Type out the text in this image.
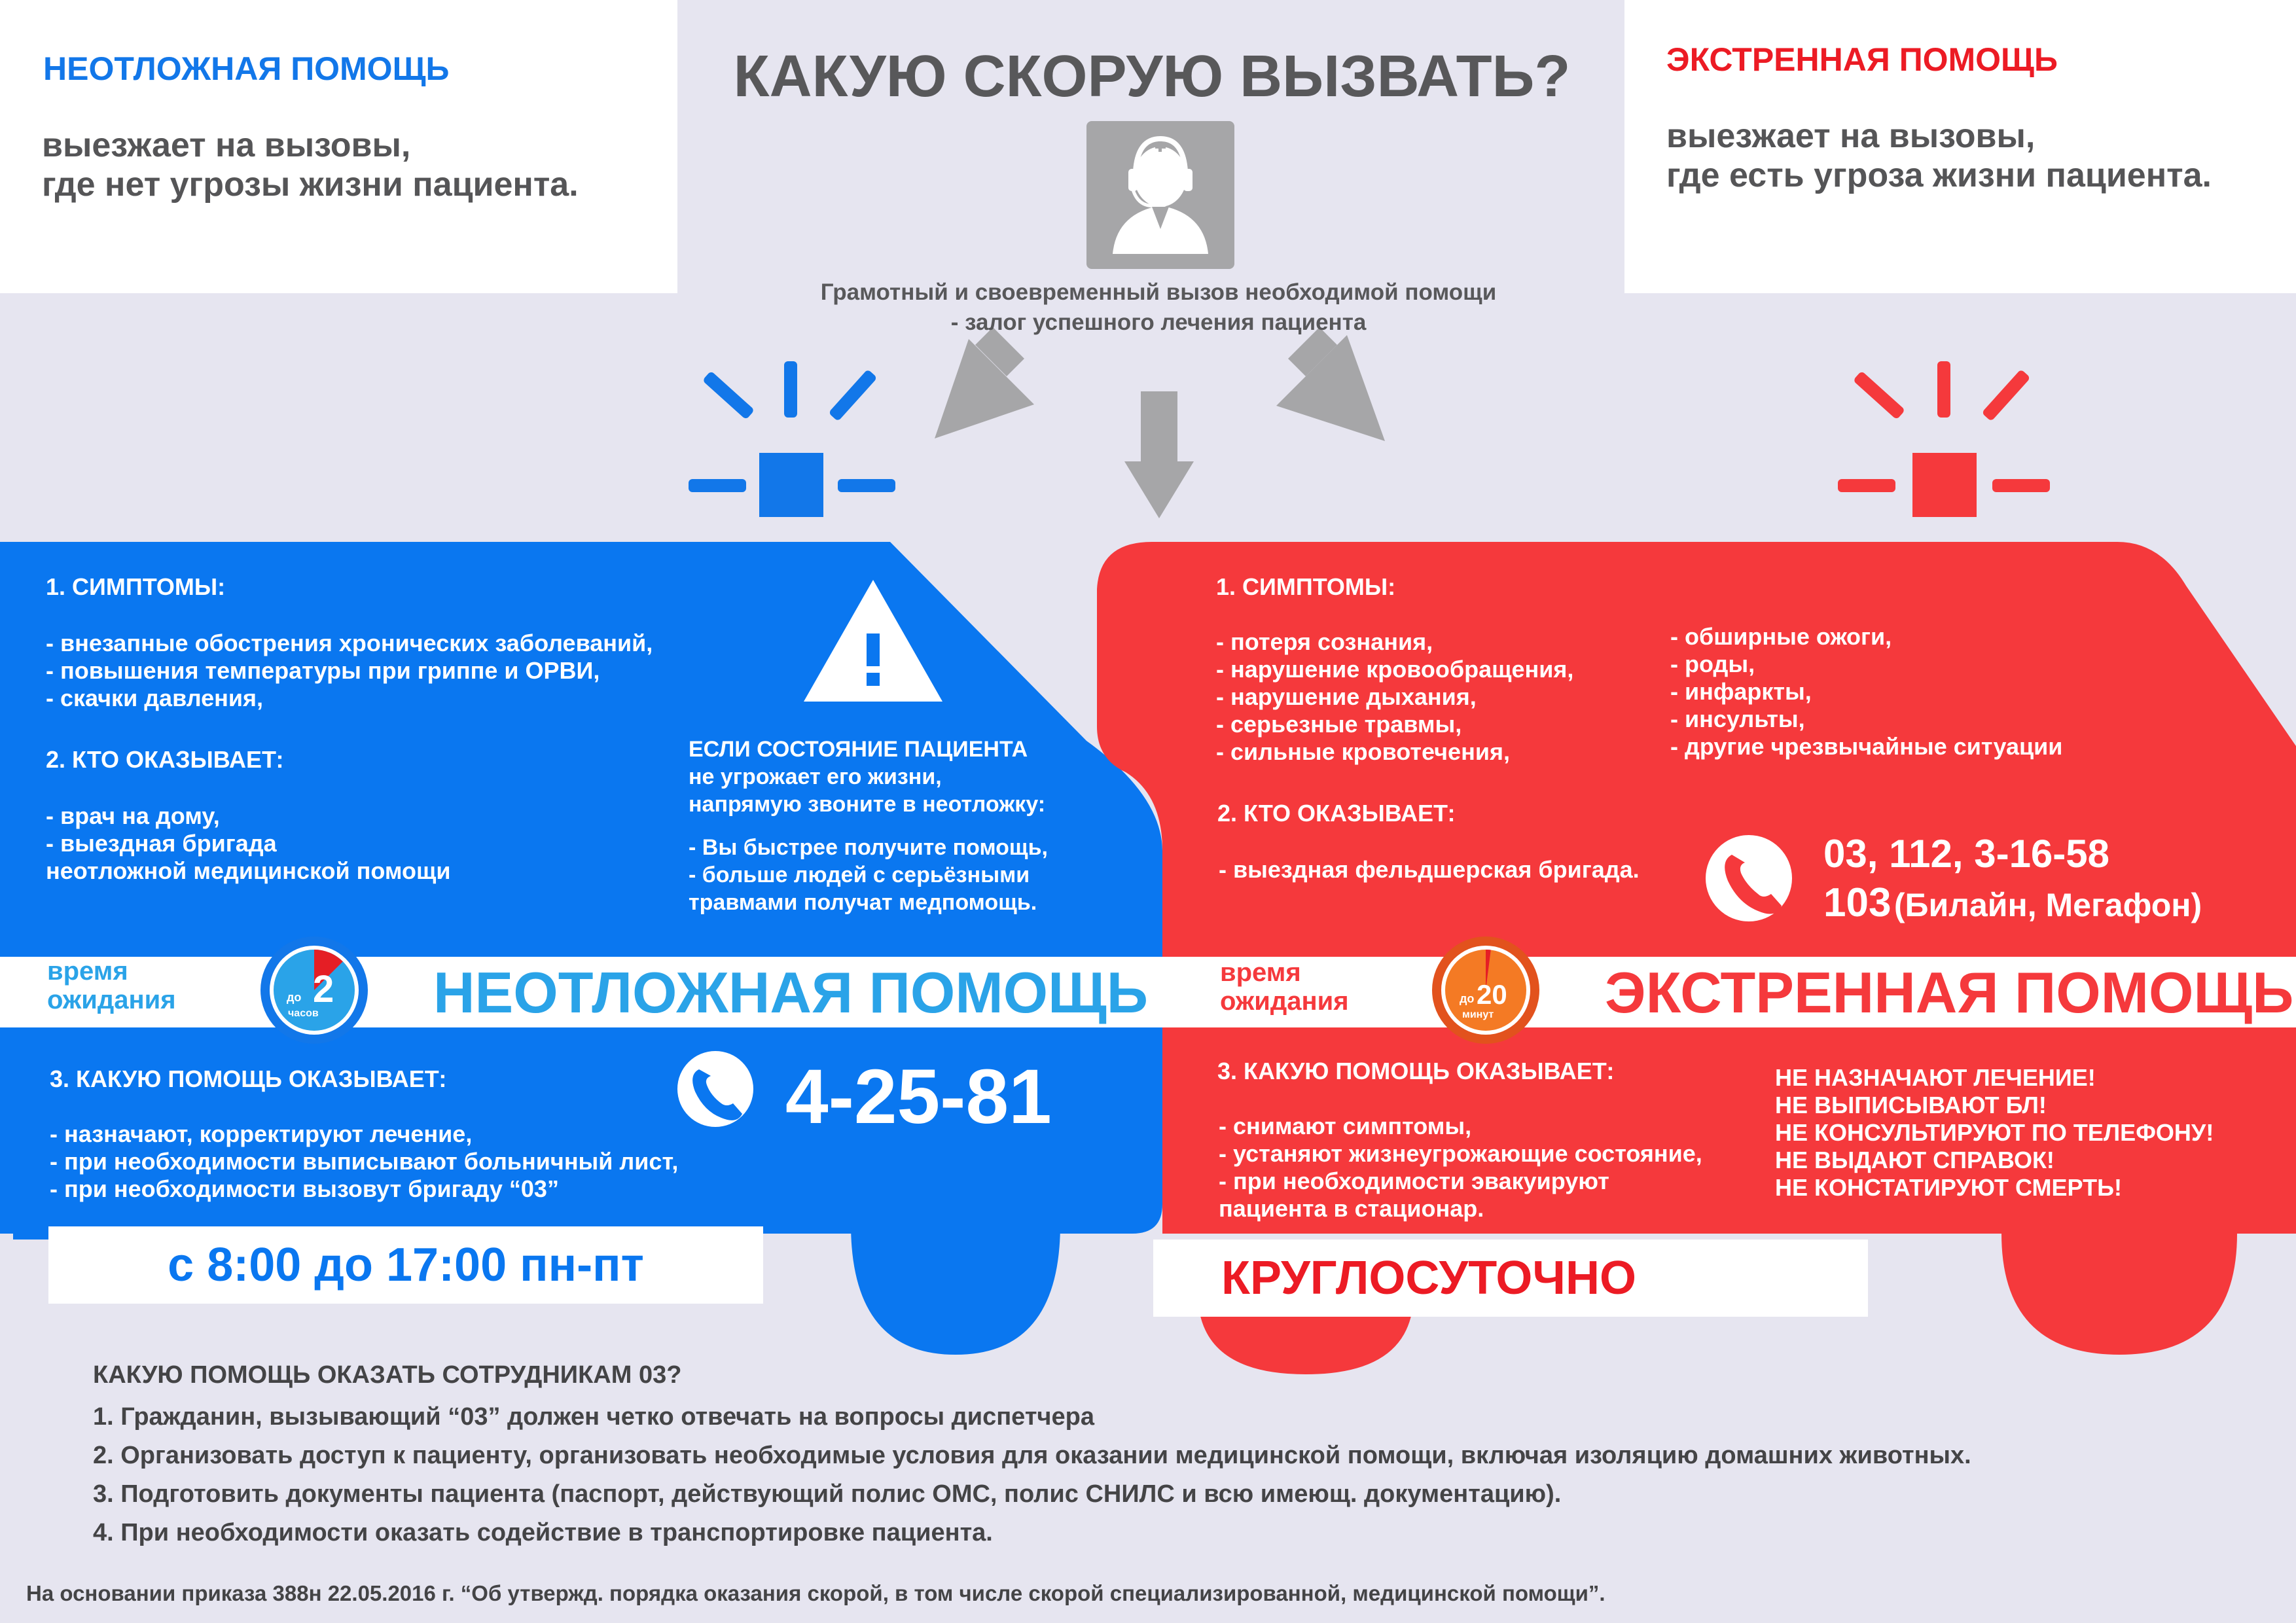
НЕОТЛОЖНАЯ ПОМОЩЬ
выезжает на вызовы,
где нет угрозы жизни пациента.
ЭКСТРЕННАЯ ПОМОЩЬ
выезжает на вызовы,
где есть угроза жизни пациента.
КАКУЮ СКОРУЮ ВЫЗВАТЬ?
Грамотный и своевременный вызов необходимой помощи
- залог успешного лечения пациента
1. СИМПТОМЫ:
- внезапные обострения хронических заболеваний,
- повышения температуры при гриппе и ОРВИ,
- скачки давления,
2. КТО ОКАЗЫВАЕТ:
- врач на дому,
- выездная бригада
неотложной медицинской помощи
ЕСЛИ СОСТОЯНИЕ ПАЦИЕНТА
не угрожает его жизни,
напрямую звоните в неотложку:
- Вы быстрее получите помощь,
- больше людей с серьёзными
травмами получат медпомощь.
время
ожидания	до 2
часов НЕОТЛОЖНАЯ ПОМОЩЬ
3. КАКУЮ ПОМОЩЬ ОКАЗЫВАЕТ:
- назначают, корректируют лечение,
- при необходимости выписывают больничный лист,
- при необходимости вызовут бригаду “03”
4-25-81
с 8:00 до 17:00 пн-пт
1. СИМПТОМЫ:
- потеря сознания,
- нарушение кровообращения,
- нарушение дыхания,
- серьезные травмы,
- сильные кровотечения,
- обширные ожоги,
- роды,
- инфаркты,
- инсульты,
- другие чрезвычайные ситуации
2. КТО ОКАЗЫВАЕТ:
- выездная фельдшерская бригада.	03, 112, 3-16-58
103 (Билайн, Мегафон)
время
ожидания	до 20
минут ЭКСТРЕННАЯ ПОМОЩЬ
3. КАКУЮ ПОМОЩЬ ОКАЗЫВАЕТ:
- снимают симптомы,
- устаняют жизнеугрожающие состояние,
- при необходимости эвакуируют
пациента в стационар.
НЕ НАЗНАЧАЮТ ЛЕЧЕНИЕ!
НЕ ВЫПИСЫВАЮТ БЛ!
НЕ КОНСУЛЬТИРУЮТ ПО ТЕЛЕФОНУ!
НЕ ВЫДАЮТ СПРАВОК!
НЕ КОНСТАТИРУЮТ СМЕРТЬ!
КРУГЛОСУТОЧНО
КАКУЮ ПОМОЩЬ ОКАЗАТЬ СОТРУДНИКАМ 03?
1. Гражданин, вызывающий “03” должен четко отвечать на вопросы диспетчера
2. Организовать доступ к пациенту, организовать необходимые условия для оказании медицинской помощи, включая изоляцию домашних животных.
3. Подготовить документы пациента (паспорт, действующий полис ОМС, полис СНИЛС и всю имеющ. документацию).
4. При необходимости оказать содействие в транспортировке пациента.
На основании приказа 388н 22.05.2016 г. “Об утвержд. порядка оказания скорой, в том числе скорой специализированной, медицинской помощи”.
